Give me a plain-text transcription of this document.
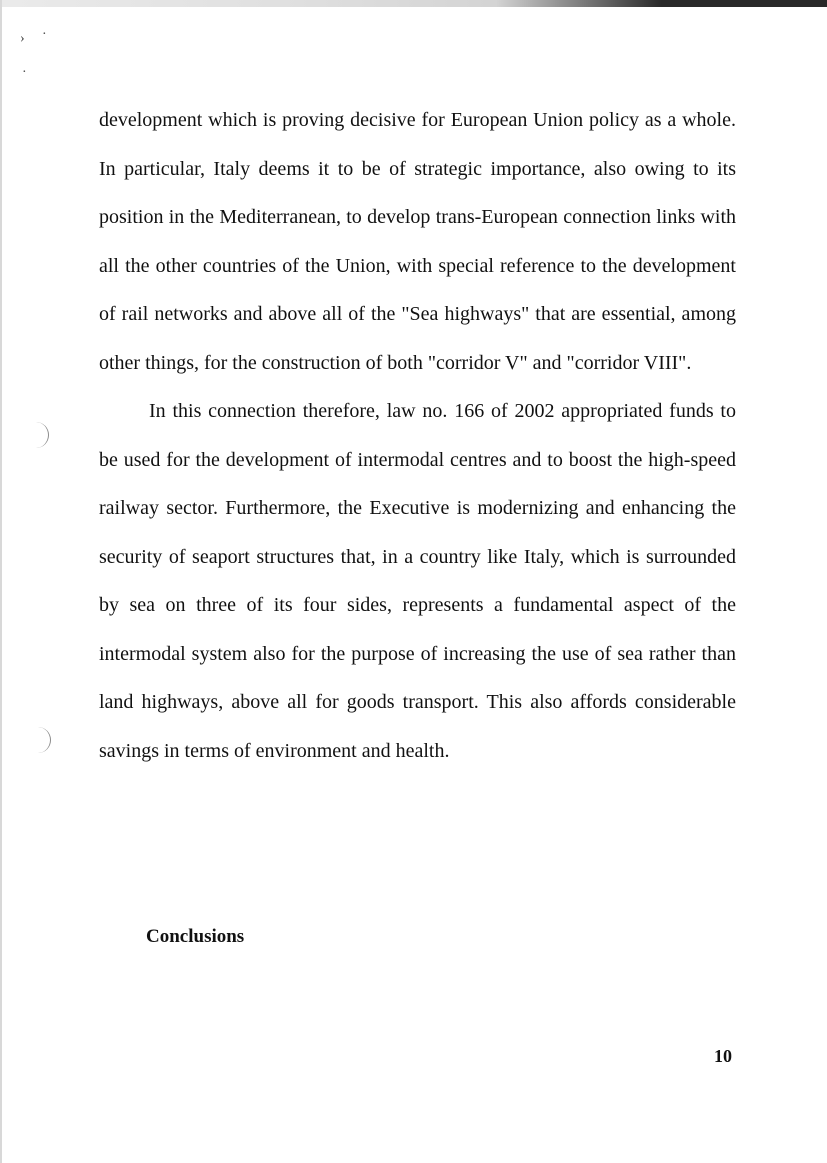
› ·
·

development which is proving decisive for European Union policy as a whole. In particular, Italy deems it to be of strategic importance, also owing to its position in the Mediterranean, to develop trans-European connection links with all the other countries of the Union, with special reference to the development of rail networks and above all of the "Sea highways" that are essential, among other things, for the construction of both "corridor V" and "corridor VIII".

In this connection therefore, law no. 166 of 2002 appropriated funds to be used for the development of intermodal centres and to boost the high-speed railway sector. Furthermore, the Executive is modernizing and enhancing the security of seaport structures that, in a country like Italy, which is surrounded by sea on three of its four sides, represents a fundamental aspect of the intermodal system also for the purpose of increasing the use of sea rather than land highways, above all for goods transport. This also affords considerable savings in terms of environment and health.

Conclusions
10
